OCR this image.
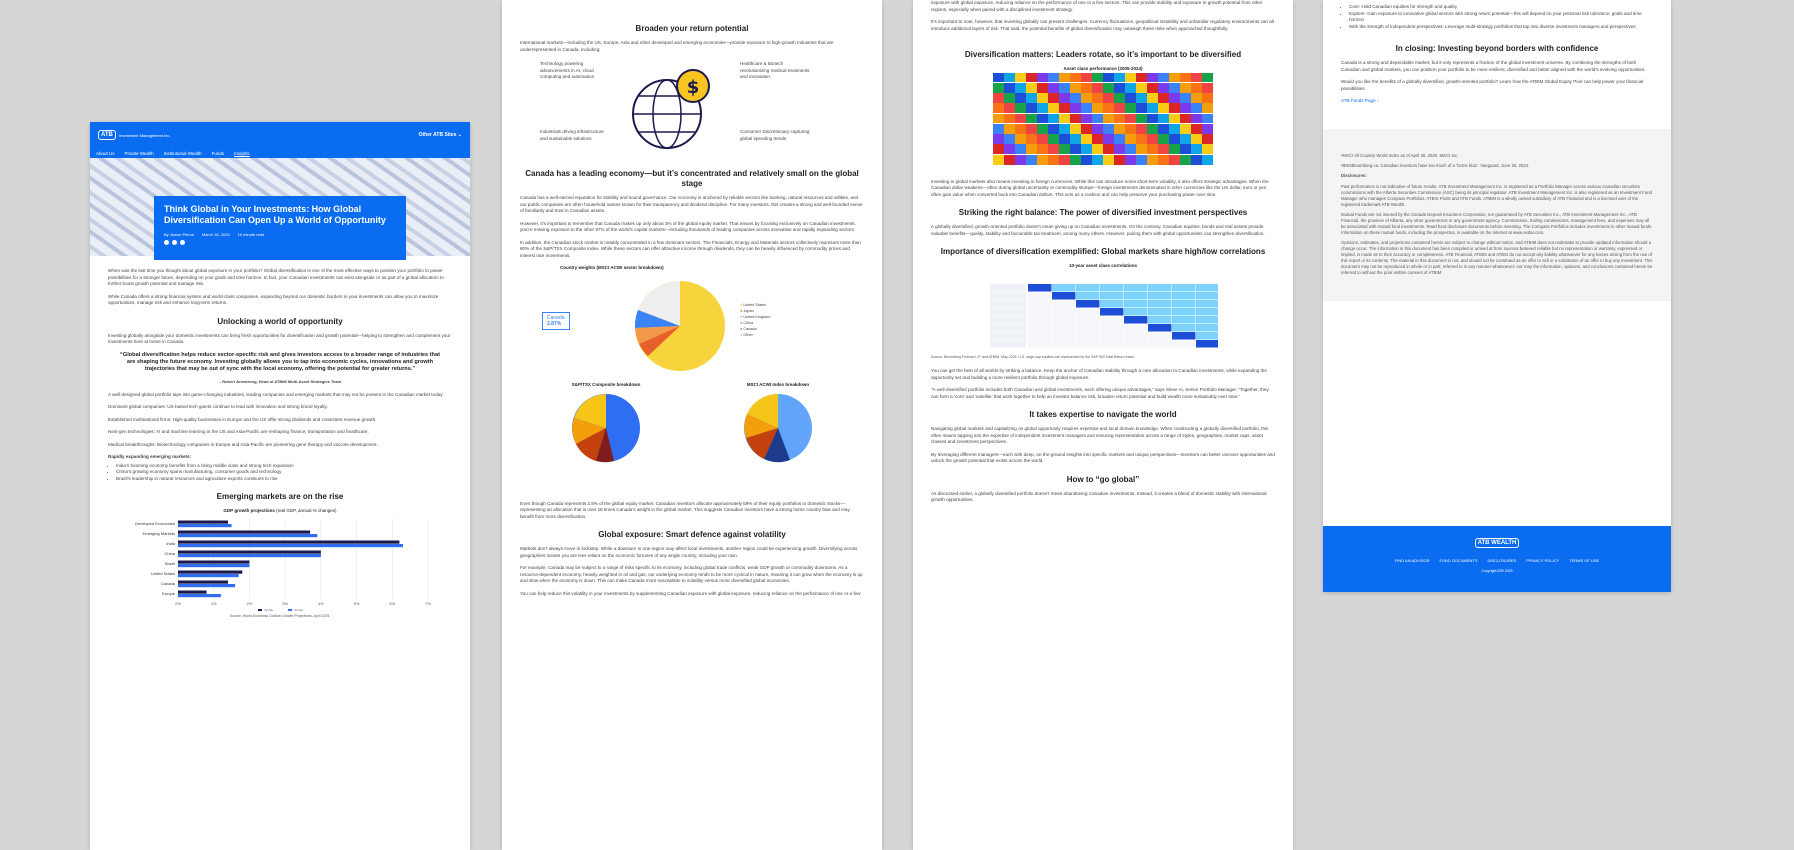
ATB	Investment Management Inc.	Other ATB Sites ⌄
About Us Private Wealth Institutional Wealth Funds Insights
Think Global in Your Investments: How Global Diversification Can Open Up a World of Opportunity
By: Aaron Pierce March 18, 2025 10 minute read

When was the last time you thought about global exposure in your portfolio? Global diversification is one of the most effective ways to position your portfolio to power possibilities for a stronger future, depending on your goals and time horizon. In fact, your Canadian investments can exist alongside or as part of a global allocation to further boost growth potential and manage risk.

While Canada offers a strong financial system and world-class companies, expanding beyond our domestic borders in your investments can allow you to maximize opportunities, manage risk and enhance long-term returns.

Unlocking a world of opportunity

Investing globally alongside your domestic investments can bring fresh opportunities for diversification and growth potential—helping to strengthen and complement your investments here at home in Canada.

“Global diversification helps reduce sector-specific risk and gives investors access to a broader range of industries that are shaping the future economy. Investing globally allows you to tap into economic cycles, innovations and growth trajectories that may be out of sync with the local economy, offering the potential for greater returns.”
– Robert Armstrong, Head of ATBIM Multi-Asset Strategies Team

A well-designed global portfolio taps into game-changing industries, leading companies and emerging markets that may not be present in the Canadian market today:

Dominant global companies: US-based tech giants continue to lead with innovation and strong brand loyalty.

Established multinational firms: High-quality businesses in Europe and the US offer strong dividends and consistent revenue growth.

Next-gen technologies: AI and machine learning in the US and Asia-Pacific are reshaping finance, transportation and healthcare.

Medical breakthroughs: Biotechnology companies in Europe and Asia-Pacific are pioneering gene therapy and vaccine development.

Rapidly expanding emerging markets:

• India’s booming economy benefits from a rising middle class and strong tech expansion
• China’s growing economy spans manufacturing, consumer goods and technology
• Brazil’s leadership in natural resources and agriculture exports continues to rise
Emerging markets are on the rise
GDP growth projections (real GDP, annual % changes)
0%	1%	2%	3%	4%	5%	6%	7%
Developed Economies
Emerging Markets
India
China
Brazil
United States
Canada
Europe
2025	2026
Source: World Economic Outlook Growth Projections, April 2025.
Broaden your return potential

International markets—including the US, Europe, Asia and other developed and emerging economies—provide exposure to high-growth industries that are underrepresented in Canada, including:

Technology powering advancements in AI, cloud computing and automation
Healthcare & Biotech revolutionizing medical treatments and innovation
Industrials driving infrastructure and sustainable solutions
Consumer Discretionary capturing global spending trends
$
Canada has a leading economy—but it’s concentrated and relatively small on the global stage

Canada has a well-earned reputation for stability and sound governance. Our economy is anchored by reliable sectors like banking, natural resources and utilities, and our public companies are often household names known for their transparency and dividend discipline. For many investors, this creates a strong and well-founded sense of familiarity and trust in Canadian assets.

However, it’s important to remember that Canada makes up only about 3% of the global equity market. That means by focusing exclusively on Canadian investments, you’re missing exposure to the other 97% of the world’s capital markets—including thousands of leading companies across innovative and rapidly expanding sectors.

In addition, the Canadian stock market is notably concentrated in a few dominant sectors. The Financials, Energy and Materials sectors collectively represent more than 60% of the S&P/TSX Composite Index. While these sectors can offer attractive income through dividends, they can be heavily influenced by commodity prices and interest rate movements.

Country weights (MSCI ACWI sector breakdown)
Canada
2.87%
● United States
● Japan
● United Kingdom
● China
● Canada
● Other
S&P/TSX Composite breakdown	MSCI ACWI Index breakdown

Even though Canada represents 2.8% of the global equity market, Canadian investors allocate approximately 59% of their equity portfolios to domestic stocks—representing an allocation that is over 18 times Canada’s weight in the global market. This suggests Canadian investors have a strong home country bias and may benefit from more diversification.

Global exposure: Smart defence against volatility

Markets don’t always move in lockstep. While a downturn in one region may affect local investments, another region could be experiencing growth. Diversifying across geographies means you are less reliant on the economic fortunes of any single country, including your own.

For example, Canada may be subject to a range of risks specific to its economy, including global trade conflicts, weak GDP growth or commodity downturns. As a resource-dependent economy, heavily weighted in oil and gas, our underlying economy tends to be more cyclical in nature, meaning it can grow when the economy is up and slow when the economy is down. This can make Canada more susceptible to volatility versus more diversified global economies.

You can help reduce this volatility in your investments by supplementing Canadian exposure with global exposure, reducing reliance on the performance of one or a few

exposure with global exposure, reducing reliance on the performance of one or a few sectors. This can provide stability and exposure to growth potential from other regions, especially when paired with a disciplined investment strategy.

It’s important to note, however, that investing globally can present challenges. Currency fluctuations, geopolitical instability and unfamiliar regulatory environments can all introduce additional layers of risk. That said, the potential benefits of global diversification may outweigh these risks when approached thoughtfully.

Diversification matters: Leaders rotate, so it’s important to be diversified
Asset class performance (2005-2024)

Investing in global markets also means investing in foreign currencies. While this can introduce some short-term volatility, it also offers strategic advantages. When the Canadian dollar weakens—often during global uncertainty or commodity slumps—foreign investments denominated in other currencies like the US dollar, euro or yen often gain value when converted back into Canadian dollars. This acts as a cushion and can help preserve your purchasing power over time.

Striking the right balance: The power of diversified investment perspectives

A globally diversified, growth-oriented portfolio doesn’t mean giving up on Canadian investments. On the contrary, Canadian equities, bonds and real assets provide valuable benefits—quality, stability and favourable tax treatment, among many others. However, pairing them with global opportunities can strengthen diversification.

Importance of diversification exemplified: Global markets share high/low correlations
10-year asset class correlations
Source: Bloomberg Finance L.P. and ATBIM. May 2025. U.S. large-cap equities are represented by the S&P 500 Total Return Index.

You can get the best of all worlds by striking a balance. Keep the anchor of Canadian stability through a core allocation to Canadian investments, while expanding the opportunity set and building a more resilient portfolio through global exposure.

“A well-diversified portfolio includes both Canadian and global investments, each offering unique advantages,” says Steve Ai, Senior Portfolio Manager. “Together, they can form a ‘core’ and ‘satellite’ that work together to help an investor balance risk, broaden return potential and build wealth more sustainably over time.”

It takes expertise to navigate the world

Navigating global markets and capitalizing on global opportunity requires expertise and local domain knowledge. When constructing a globally diversified portfolio, this often means tapping into the expertise of independent investment managers and ensuring representation across a range of styles, geographies, market caps, asset classes and investment perspectives.

By leveraging different managers—each with deep, on-the-ground insights into specific markets and unique perspectives—investors can better uncover opportunities and unlock the growth potential that exists across the world.

How to “go global”

As discussed earlier, a globally diversified portfolio doesn’t mean abandoning Canadian investments. Instead, it creates a blend of domestic stability with international growth opportunities.

• Core: Hold Canadian equities for strength and quality
• Explore: Gain exposure to innovative global sectors with strong return potential—this will depend on your personal risk tolerance, goals and time horizon
• With the strength of independent perspectives: Leverage multi-strategy portfolios that tap into diverse investment managers and perspectives
In closing: Investing beyond borders with confidence

Canada is a strong and dependable market, but it only represents a fraction of the global investment universe. By combining the strengths of both Canadian and global markets, you can position your portfolio to be more resilient, diversified and better aligned with the world’s evolving opportunities.

Would you like the benefits of a globally diversified, growth-oriented portfolio? Learn how the ATBIM Global Equity Pool can help power your financial possibilities.

ATB Funds Page ›

¹MSCI All Country World Index as of April 30, 2025. MSCI Inc.

²BNNBloomberg.ca. Canadian investors have too much of a ‘home bias’: Vanguard, June 25, 2024.

Disclosures:

Past performance is not indicative of future results. ATB Investment Management Inc. is registered as a Portfolio Manager across various Canadian securities commissions with the Alberta Securities Commission (ASC) being its principal regulator. ATB Investment Management Inc. is also registered as an Investment Fund Manager who manages Compass Portfolios, ATBIS Pools and ATB Funds. ATBIM is a wholly owned subsidiary of ATB Financial and is a licensed user of the registered trademark ATB Wealth.

Mutual Funds are not insured by the Canada Deposit Insurance Corporation, nor guaranteed by ATB Securities Inc., ATB Investment Management Inc., ATB Financial, the province of Alberta, any other government or any government agency. Commissions, trailing commissions, management fees, and expenses may all be associated with mutual fund investments. Read fund disclosure documents before investing. The Compass Portfolios includes investments in other mutual funds. Information on these mutual funds, including the prospectus, is available on the internet at www.sedar.com.

Opinions, estimates, and projections contained herein are subject to change without notice, and ATBIM does not undertake to provide updated information should a change occur. The information in this document has been compiled or arrived at from sources believed reliable but no representation or warranty, expressed or implied, is made as to their accuracy or completeness. ATB Financial, ATBIM and ATBSI do not accept any liability whatsoever for any losses arising from the use of this report or its contents. The material in this document is not, and should not be construed as an offer to sell or a solicitation of an offer to buy any investment. This document may not be reproduced in whole or in part; referred to in any manner whatsoever; nor may the information, opinions, and conclusions contained herein be referred to without the prior written consent of ATBIM.

ATB WEALTH
FIND AN ADVISOR	FUND DOCUMENTS	DISCLOSURES	PRIVACY POLICY	TERMS OF USE
Copyright ATB 2025
